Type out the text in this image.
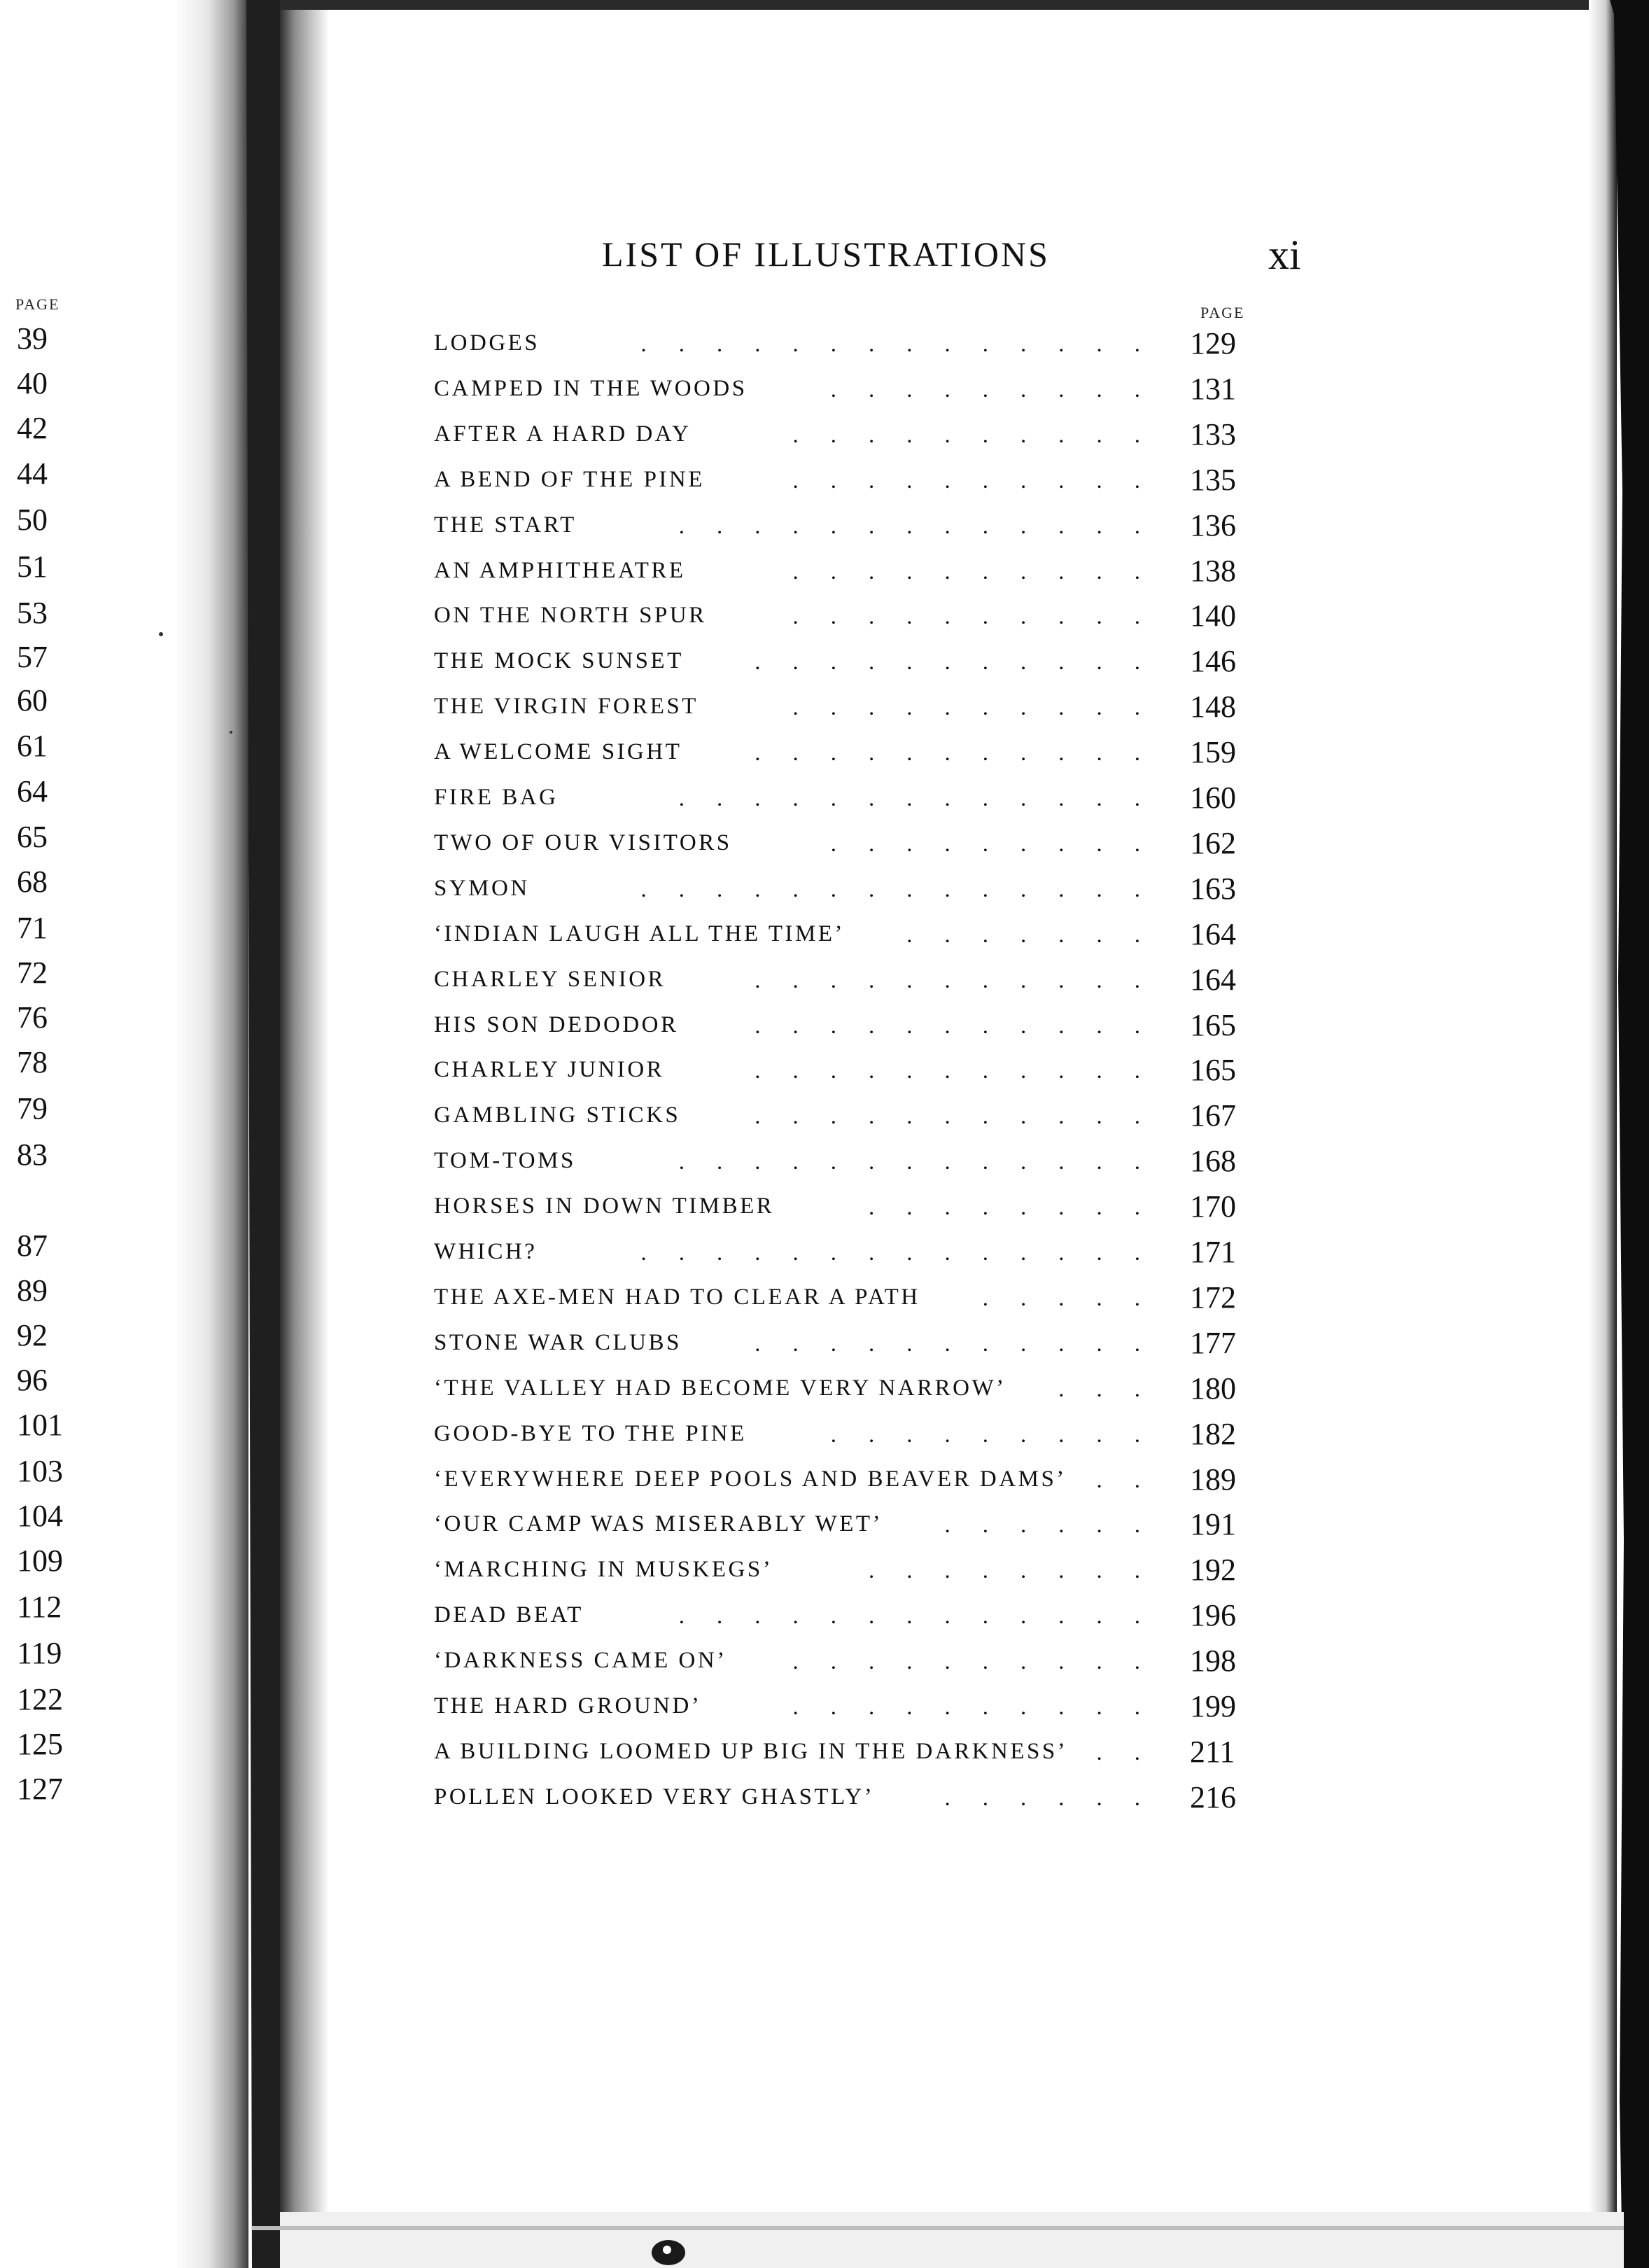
PAGE
39
40
42
44
50
51
53
57
60
61
64
65
68
71
72
76
78
79
83
87
89
92
96
101
103
104
109
112
119
122
125
127
LIST OF ILLUSTRATIONS	xi
PAGE
LODGES	129
..............
CAMPED IN THE WOODS	131
.........
AFTER A HARD DAY	133
..........
A BEND OF THE PINE	135
..........
THE START	136
.............
AN AMPHITHEATRE	138
..........
ON THE NORTH SPUR	140
..........
THE MOCK SUNSET	146
...........
THE VIRGIN FOREST	148
..........
A WELCOME SIGHT	159
...........
FIRE BAG	160
.............
TWO OF OUR VISITORS	162
.........
SYMON	163
..............
‘INDIAN LAUGH ALL THE TIME’	164
.......
CHARLEY SENIOR	164
...........
HIS SON DEDODOR	165
...........
CHARLEY JUNIOR	165
...........
GAMBLING STICKS	167
...........
TOM-TOMS	168
.............
HORSES IN DOWN TIMBER	170
........
WHICH?	171
..............
THE AXE-MEN HAD TO CLEAR A PATH	172
.....
STONE WAR CLUBS	177
...........
‘THE VALLEY HAD BECOME VERY NARROW’	180
...
GOOD-BYE TO THE PINE	182
.........
‘EVERYWHERE DEEP POOLS AND BEAVER DAMS’	189
..
‘OUR CAMP WAS MISERABLY WET’	191
......
‘MARCHING IN MUSKEGS’	192
........
DEAD BEAT	196
.............
‘DARKNESS CAME ON’	198
..........
THE HARD GROUND’	199
..........
A BUILDING LOOMED UP BIG IN THE DARKNESS’	211
..
POLLEN LOOKED VERY GHASTLY’	216
......
